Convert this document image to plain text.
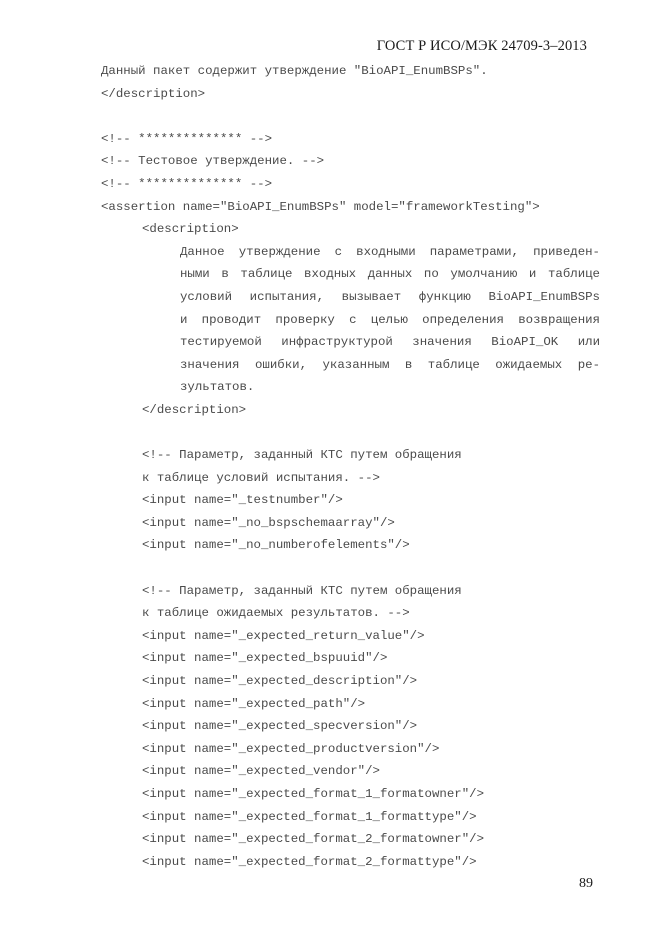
ГОСТ Р ИСО/МЭК 24709-3–2013
Данный пакет содержит утверждение "BioAPI_EnumBSPs".
</description>
<!-- ************** -->
<!-- Тестовое утверждение. -->
<!-- ************** -->
<assertion name="BioAPI_EnumBSPs" model="frameworkTesting">
<description>
Данное утверждение с входными параметрами, приведен-
ными в таблице входных данных по умолчанию и таблице
условий испытания, вызывает функцию BioAPI_EnumBSPs
и проводит проверку с целью определения возвращения
тестируемой инфраструктурой значения BioAPI_OK или
значения ошибки, указанным в таблице ожидаемых ре-
зультатов.
</description>
<!-- Параметр, заданный КТС путем обращения
к таблице условий испытания. -->
<input name="_testnumber"/>
<input name="_no_bspschemaarray"/>
<input name="_no_numberofelements"/>
<!-- Параметр, заданный КТС путем обращения
к таблице ожидаемых результатов. -->
<input name="_expected_return_value"/>
<input name="_expected_bspuuid"/>
<input name="_expected_description"/>
<input name="_expected_path"/>
<input name="_expected_specversion"/>
<input name="_expected_productversion"/>
<input name="_expected_vendor"/>
<input name="_expected_format_1_formatowner"/>
<input name="_expected_format_1_formattype"/>
<input name="_expected_format_2_formatowner"/>
<input name="_expected_format_2_formattype"/>
89
